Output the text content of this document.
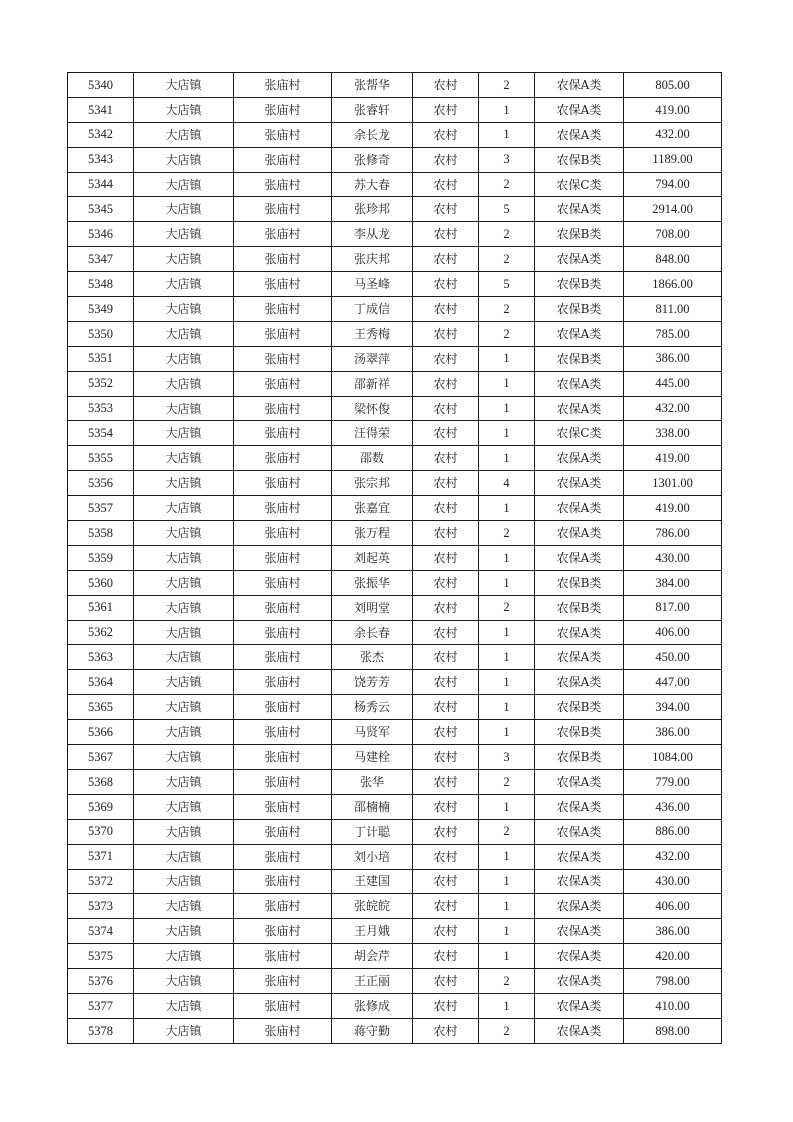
5340	大店镇	张庙村	张帮华	农村	2	农保A类	805.00
5341	大店镇	张庙村	张睿轩	农村	1	农保A类	419.00
5342	大店镇	张庙村	余长龙	农村	1	农保A类	432.00
5343	大店镇	张庙村	张修奇	农村	3	农保B类	1189.00
5344	大店镇	张庙村	苏大春	农村	2	农保C类	794.00
5345	大店镇	张庙村	张珍邦	农村	5	农保A类	2914.00
5346	大店镇	张庙村	李从龙	农村	2	农保B类	708.00
5347	大店镇	张庙村	张庆邦	农村	2	农保A类	848.00
5348	大店镇	张庙村	马圣峰	农村	5	农保B类	1866.00
5349	大店镇	张庙村	丁成信	农村	2	农保B类	811.00
5350	大店镇	张庙村	王秀梅	农村	2	农保A类	785.00
5351	大店镇	张庙村	汤翠萍	农村	1	农保B类	386.00
5352	大店镇	张庙村	邵新祥	农村	1	农保A类	445.00
5353	大店镇	张庙村	梁怀俊	农村	1	农保A类	432.00
5354	大店镇	张庙村	汪得荣	农村	1	农保C类	338.00
5355	大店镇	张庙村	邵数	农村	1	农保A类	419.00
5356	大店镇	张庙村	张宗邦	农村	4	农保A类	1301.00
5357	大店镇	张庙村	张嘉宜	农村	1	农保A类	419.00
5358	大店镇	张庙村	张万程	农村	2	农保A类	786.00
5359	大店镇	张庙村	刘起英	农村	1	农保A类	430.00
5360	大店镇	张庙村	张振华	农村	1	农保B类	384.00
5361	大店镇	张庙村	刘明堂	农村	2	农保B类	817.00
5362	大店镇	张庙村	余长春	农村	1	农保A类	406.00
5363	大店镇	张庙村	张杰	农村	1	农保A类	450.00
5364	大店镇	张庙村	饶芳芳	农村	1	农保A类	447.00
5365	大店镇	张庙村	杨秀云	农村	1	农保B类	394.00
5366	大店镇	张庙村	马贤军	农村	1	农保B类	386.00
5367	大店镇	张庙村	马建栓	农村	3	农保B类	1084.00
5368	大店镇	张庙村	张华	农村	2	农保A类	779.00
5369	大店镇	张庙村	邵楠楠	农村	1	农保A类	436.00
5370	大店镇	张庙村	丁计聪	农村	2	农保A类	886.00
5371	大店镇	张庙村	刘小培	农村	1	农保A类	432.00
5372	大店镇	张庙村	王建国	农村	1	农保A类	430.00
5373	大店镇	张庙村	张皖皖	农村	1	农保A类	406.00
5374	大店镇	张庙村	王月娥	农村	1	农保A类	386.00
5375	大店镇	张庙村	胡会芹	农村	1	农保A类	420.00
5376	大店镇	张庙村	王正丽	农村	2	农保A类	798.00
5377	大店镇	张庙村	张修成	农村	1	农保A类	410.00
5378	大店镇	张庙村	蒋守勤	农村	2	农保A类	898.00
